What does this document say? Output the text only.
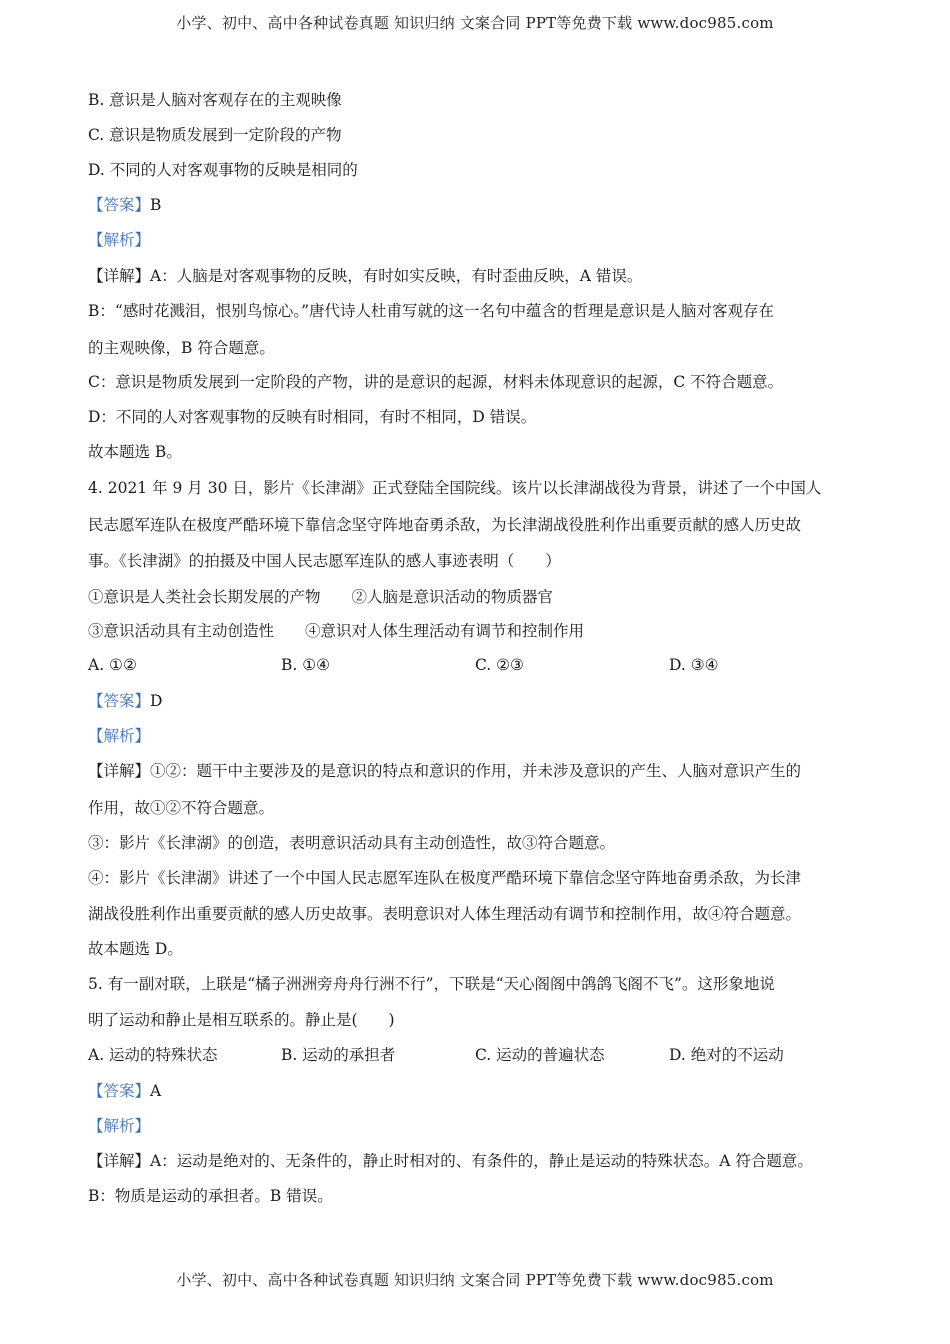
小学、初中、高中各种试卷真题 知识归纳 文案合同 PPT等免费下载 www.doc985.com
B. 意识是人脑对客观存在的主观映像
C. 意识是物质发展到一定阶段的产物
D. 不同的人对客观事物的反映是相同的
【答案】B
【解析】
【详解】A：人脑是对客观事物的反映，有时如实反映，有时歪曲反映，A 错误。
B：“感时花溅泪，恨别鸟惊心。”唐代诗人杜甫写就的这一名句中蕴含的哲理是意识是人脑对客观存在
的主观映像，B 符合题意。
C：意识是物质发展到一定阶段的产物，讲的是意识的起源，材料未体现意识的起源，C 不符合题意。
D：不同的人对客观事物的反映有时相同，有时不相同，D 错误。
故本题选 B。
4. 2021 年 9 月 30 日，影片《长津湖》正式登陆全国院线。该片以长津湖战役为背景，讲述了一个中国人
民志愿军连队在极度严酷环境下靠信念坚守阵地奋勇杀敌，为长津湖战役胜利作出重要贡献的感人历史故
事。《长津湖》的拍摄及中国人民志愿军连队的感人事迹表明（　　）
①意识是人类社会长期发展的产物　　②人脑是意识活动的物质器官
③意识活动具有主动创造性　　④意识对人体生理活动有调节和控制作用
A. ①②	B. ①④	C. ②③	D. ③④
【答案】D
【解析】
【详解】①②：题干中主要涉及的是意识的特点和意识的作用，并未涉及意识的产生、人脑对意识产生的
作用，故①②不符合题意。
③：影片《长津湖》的创造，表明意识活动具有主动创造性，故③符合题意。
④：影片《长津湖》讲述了一个中国人民志愿军连队在极度严酷环境下靠信念坚守阵地奋勇杀敌，为长津
湖战役胜利作出重要贡献的感人历史故事。表明意识对人体生理活动有调节和控制作用，故④符合题意。
故本题选 D。
5. 有一副对联，上联是“橘子洲洲旁舟舟行洲不行”，下联是“天心阁阁中鸽鸽飞阁不飞”。这形象地说
明了运动和静止是相互联系的。静止是(　　)
A. 运动的特殊状态	B. 运动的承担者	C. 运动的普遍状态	D. 绝对的不运动
【答案】A
【解析】
【详解】A：运动是绝对的、无条件的，静止时相对的、有条件的，静止是运动的特殊状态。A 符合题意。
B：物质是运动的承担者。B 错误。
小学、初中、高中各种试卷真题 知识归纳 文案合同 PPT等免费下载 www.doc985.com
